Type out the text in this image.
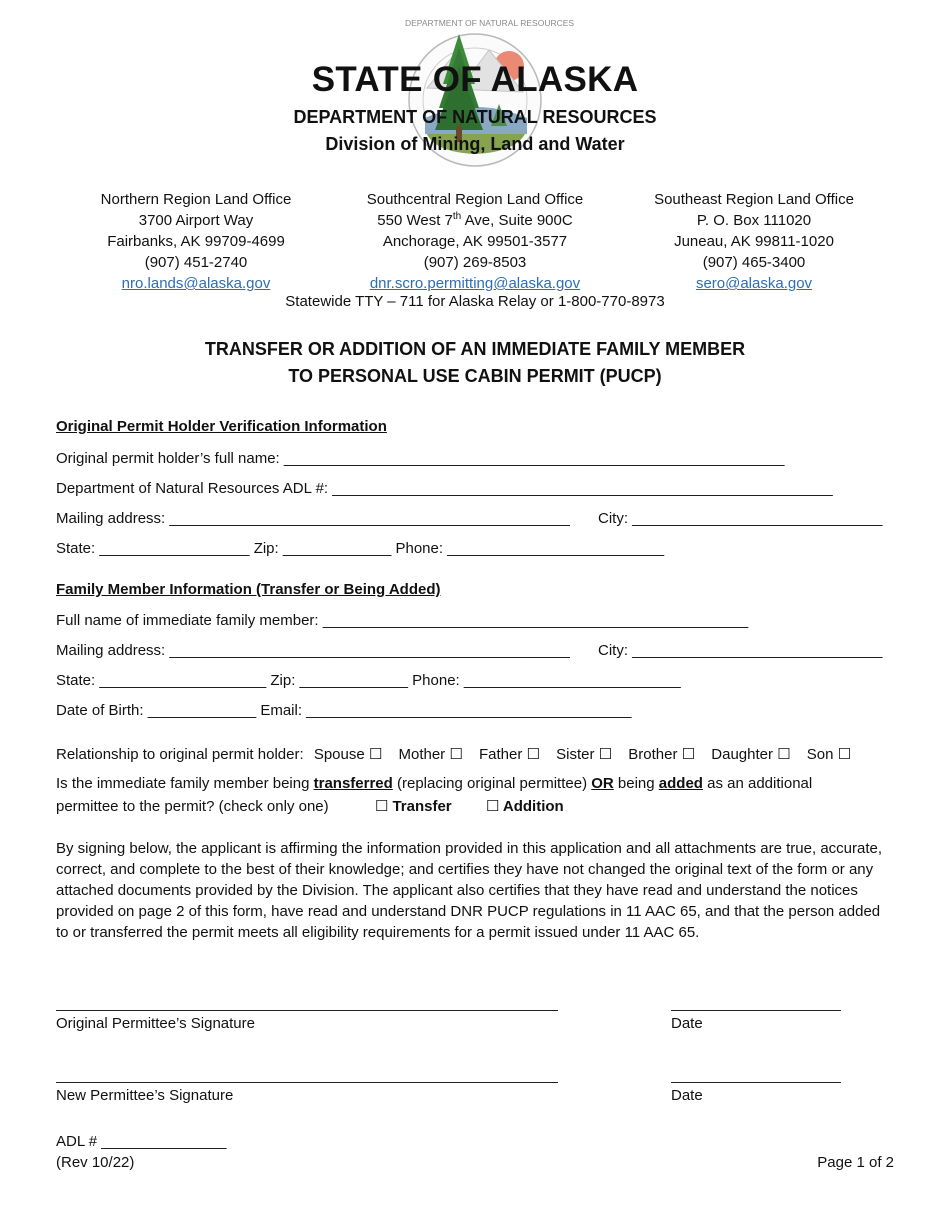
DEPARTMENT OF NATURAL RESOURCES
STATE OF ALASKA
DEPARTMENT OF NATURAL RESOURCES
Division of Mining, Land and Water
Northern Region Land Office
3700 Airport Way
Fairbanks, AK 99709-4699
(907) 451-2740
nro.lands@alaska.gov
Southcentral Region Land Office
550 West 7th Ave, Suite 900C
Anchorage, AK 99501-3577
(907) 269-8503
dnr.scro.permitting@alaska.gov
Southeast Region Land Office
P. O. Box 111020
Juneau, AK 99811-1020
(907) 465-3400
sero@alaska.gov
Statewide TTY – 711 for Alaska Relay or 1-800-770-8973
TRANSFER OR ADDITION OF AN IMMEDIATE FAMILY MEMBER
TO PERSONAL USE CABIN PERMIT (PUCP)
Original Permit Holder Verification Information
Original permit holder’s full name: ____________________________________________________________
Department of Natural Resources ADL #: ____________________________________________________________
Mailing address: ________________________________________________ City: ______________________________
State: __________________ Zip: _____________ Phone: __________________________
Family Member Information (Transfer or Being Added)
Full name of immediate family member: ___________________________________________________
Mailing address: ________________________________________________ City: ______________________________
State: ____________________ Zip: _____________ Phone: __________________________
Date of Birth: _____________ Email: _______________________________________
Relationship to original permit holder: Spouse ☐ Mother ☐ Father ☐ Sister ☐ Brother ☐ Daughter ☐ Son ☐
Is the immediate family member being transferred (replacing original permittee) OR being added as an additional
permittee to the permit? (check only one)	☐ Transfer ☐ Addition
By signing below, the applicant is affirming the information provided in this application and all attachments are true, accurate, correct, and complete to the best of their knowledge; and certifies they have not changed the original text of the form or any attached documents provided by the Division. The applicant also certifies that they have read and understand the notices provided on page 2 of this form, have read and understand DNR PUCP regulations in 11 AAC 65, and that the person added to or transferred the permit meets all eligibility requirements for a permit issued under 11 AAC 65.
Original Permittee’s Signature	Date
New Permittee’s Signature	Date
ADL # _______________
(Rev 10/22)	Page 1 of 2
